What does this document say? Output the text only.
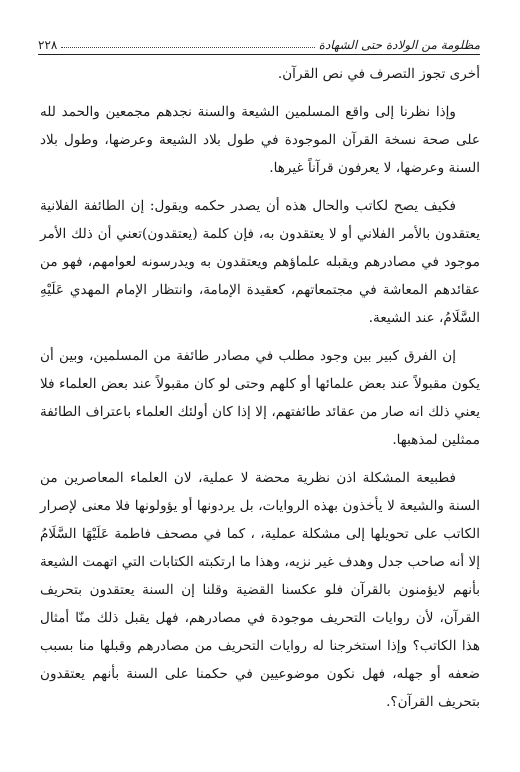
مظلومة من الولادة حتى الشهادة
٢٢٨

أخرى تجوز التصرف في نص القرآن.

وإذا نظرنا إلى واقع المسلمين الشيعة والسنة نجدهم مجمعين والحمد لله على صحة نسخة القرآن الموجودة في طول بلاد الشيعة وعرضها، وطول بلاد السنة وعرضها، لا يعرفون قرآناً غيرها.

فكيف يصح لكاتب والحال هذه أن يصدر حكمه ويقول: إن الطائفة الفلانية يعتقدون بالأمر الفلاني أو لا يعتقدون به، فإن كلمة (يعتقدون)تعني أن ذلك الأمر موجود في مصادرهم ويقبله علماؤهم ويعتقدون به ويدرسونه لعوامهم، فهو من عقائدهم المعاشة في مجتمعاتهم، كعقيدة الإمامة، وانتظار الإمام المهدي عَلَيْهِ السَّلَامُ، عند الشيعة.

إن الفرق كبير بين وجود مطلب في مصادر طائفة من المسلمين، وبين أن يكون مقبولاً عند بعض علمائها أو كلهم وحتى لو كان مقبولاً عند بعض العلماء فلا يعني ذلك انه صار من عقائد طائفتهم، إلا إذا كان أولئك العلماء باعتراف الطائفة ممثلين لمذهبها.

فطبيعة المشكلة اذن نظرية محضة لا عملية، لان العلماء المعاصرين من السنة والشيعة لا يأخذون بهذه الروايات، بل يردونها أو يؤولونها فلا معنى لإصرار الكاتب على تحويلها إلى مشكلة عملية، ، كما في مصحف فاطمة عَلَيْهَا السَّلَامُ إلا أنه صاحب جدل وهدف غير نزيه، وهذا ما ارتكبته الكتابات التي اتهمت الشيعة بأنهم لايؤمنون بالقرآن فلو عكسنا القضية وقلنا إن السنة يعتقدون بتحريف القرآن، لأن روايات التحريف موجودة في مصادرهم، فهل يقبل ذلك منّا أمثال هذا الكاتب؟ وإذا استخرجنا له روايات التحريف من مصادرهم وقبلها منا بسبب ضعفه أو جهله، فهل نكون موضوعيين في حكمنا على السنة بأنهم يعتقدون بتحريف القرآن؟.
